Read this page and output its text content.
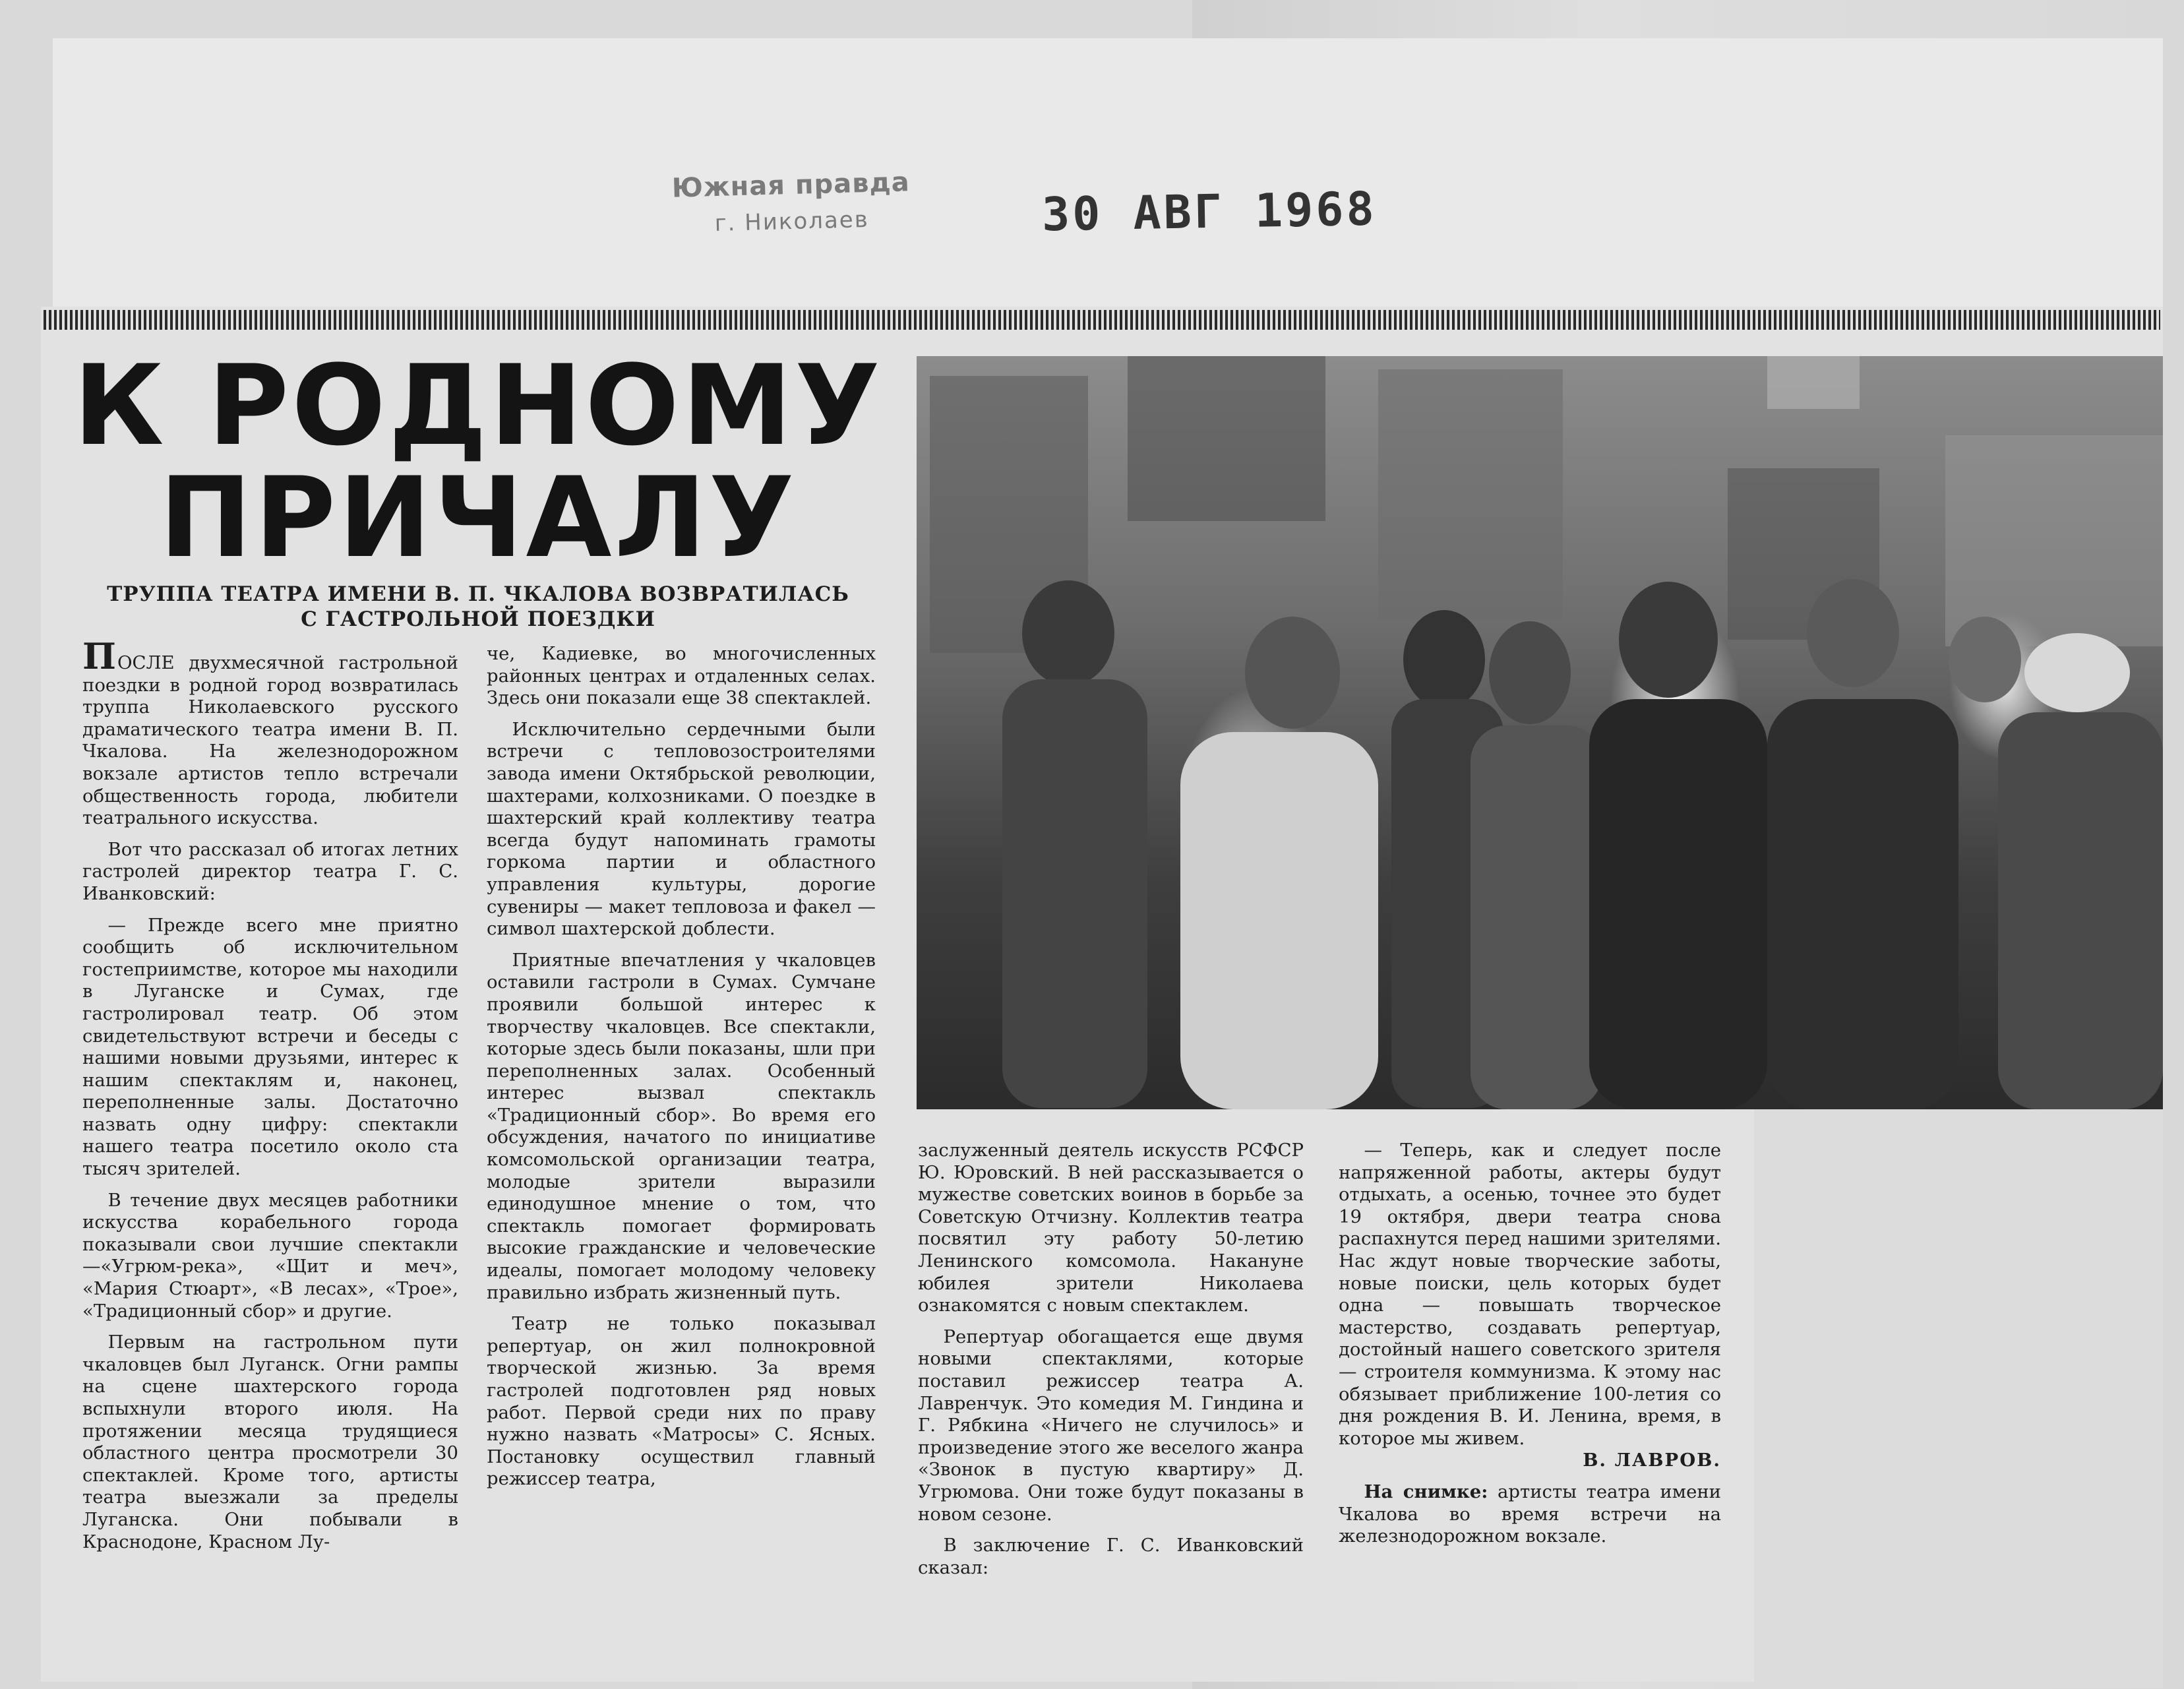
Южная правда
г. Николаев	30 АВГ 1968
К РОДНОМУ
ПРИЧАЛУ
ТРУППА ТЕАТРА ИМЕНИ В. П. ЧКАЛОВА ВОЗВРАТИЛАСЬ
С ГАСТРОЛЬНОЙ ПОЕЗДКИ

ПОСЛЕ двухмесячной гастрольной поездки в родной город возвратилась труппа Николаевского русского драматического театра имени В. П. Чкалова. На железнодорожном вокзале артистов тепло встречали общественность города, любители театрального искусства.

Вот что рассказал об итогах летних гастролей директор театра Г. С. Иванковский:

— Прежде всего мне приятно сообщить об исключительном гостеприимстве, которое мы находили в Луганске и Сумах, где гастролировал театр. Об этом свидетельствуют встречи и беседы с нашими новыми друзьями, интерес к нашим спектаклям и, наконец, переполненные залы. Достаточно назвать одну цифру: спектакли нашего театра посетило около ста тысяч зрителей.

В течение двух месяцев работники искусства корабельного города показывали свои лучшие спектакли—«Угрюм-река», «Щит и меч», «Мария Стюарт», «В лесах», «Трое», «Традиционный сбор» и другие.

Первым на гастрольном пути чкаловцев был Луганск. Огни рампы на сцене шахтерского города вспыхнули второго июля. На протяжении месяца трудящиеся областного центра просмотрели 30 спектаклей. Кроме того, артисты театра выезжали за пределы Луганска. Они побывали в Краснодоне, Красном Лу-

че, Кадиевке, во многочисленных районных центрах и отдаленных селах. Здесь они показали еще 38 спектаклей.

Исключительно сердечными были встречи с тепловозостроителями завода имени Октябрьской революции, шахтерами, колхозниками. О поездке в шахтерский край коллективу театра всегда будут напоминать грамоты горкома партии и областного управления культуры, дорогие сувениры — макет тепловоза и факел — символ шахтерской доблести.

Приятные впечатления у чкаловцев оставили гастроли в Сумах. Сумчане проявили большой интерес к творчеству чкаловцев. Все спектакли, которые здесь были показаны, шли при переполненных залах. Особенный интерес вызвал спектакль «Традиционный сбор». Во время его обсуждения, начатого по инициативе комсомольской организации театра, молодые зрители выразили единодушное мнение о том, что спектакль помогает формировать высокие гражданские и человеческие идеалы, помогает молодому человеку правильно избрать жизненный путь.

Театр не только показывал репертуар, он жил полнокровной творческой жизнью. За время гастролей подготовлен ряд новых работ. Первой среди них по праву нужно назвать «Матросы» С. Ясных. Постановку осуществил главный режиссер театра,

заслуженный деятель искусств РСФСР Ю. Юровский. В ней рассказывается о мужестве советских воинов в борьбе за Советскую Отчизну. Коллектив театра посвятил эту работу 50-летию Ленинского комсомола. Накануне юбилея зрители Николаева ознакомятся с новым спектаклем.

Репертуар обогащается еще двумя новыми спектаклями, которые поставил режиссер театра А. Лавренчук. Это комедия М. Гиндина и Г. Рябкина «Ничего не случилось» и произведение этого же веселого жанра «Звонок в пустую квартиру» Д. Угрюмова. Они тоже будут показаны в новом сезоне.

В заключение Г. С. Иванковский сказал:

— Теперь, как и следует после напряженной работы, актеры будут отдыхать, а осенью, точнее это будет 19 октября, двери театра снова распахнутся перед нашими зрителями. Нас ждут новые творческие заботы, новые поиски, цель которых будет одна — повышать творческое мастерство, создавать репертуар, достойный нашего советского зрителя — строителя коммунизма. К этому нас обязывает приближение 100-летия со дня рождения В. И. Ленина, время, в которое мы живем.

В. ЛАВРОВ.

На снимке: артисты театра имени Чкалова во время встречи на железнодорожном вокзале.
